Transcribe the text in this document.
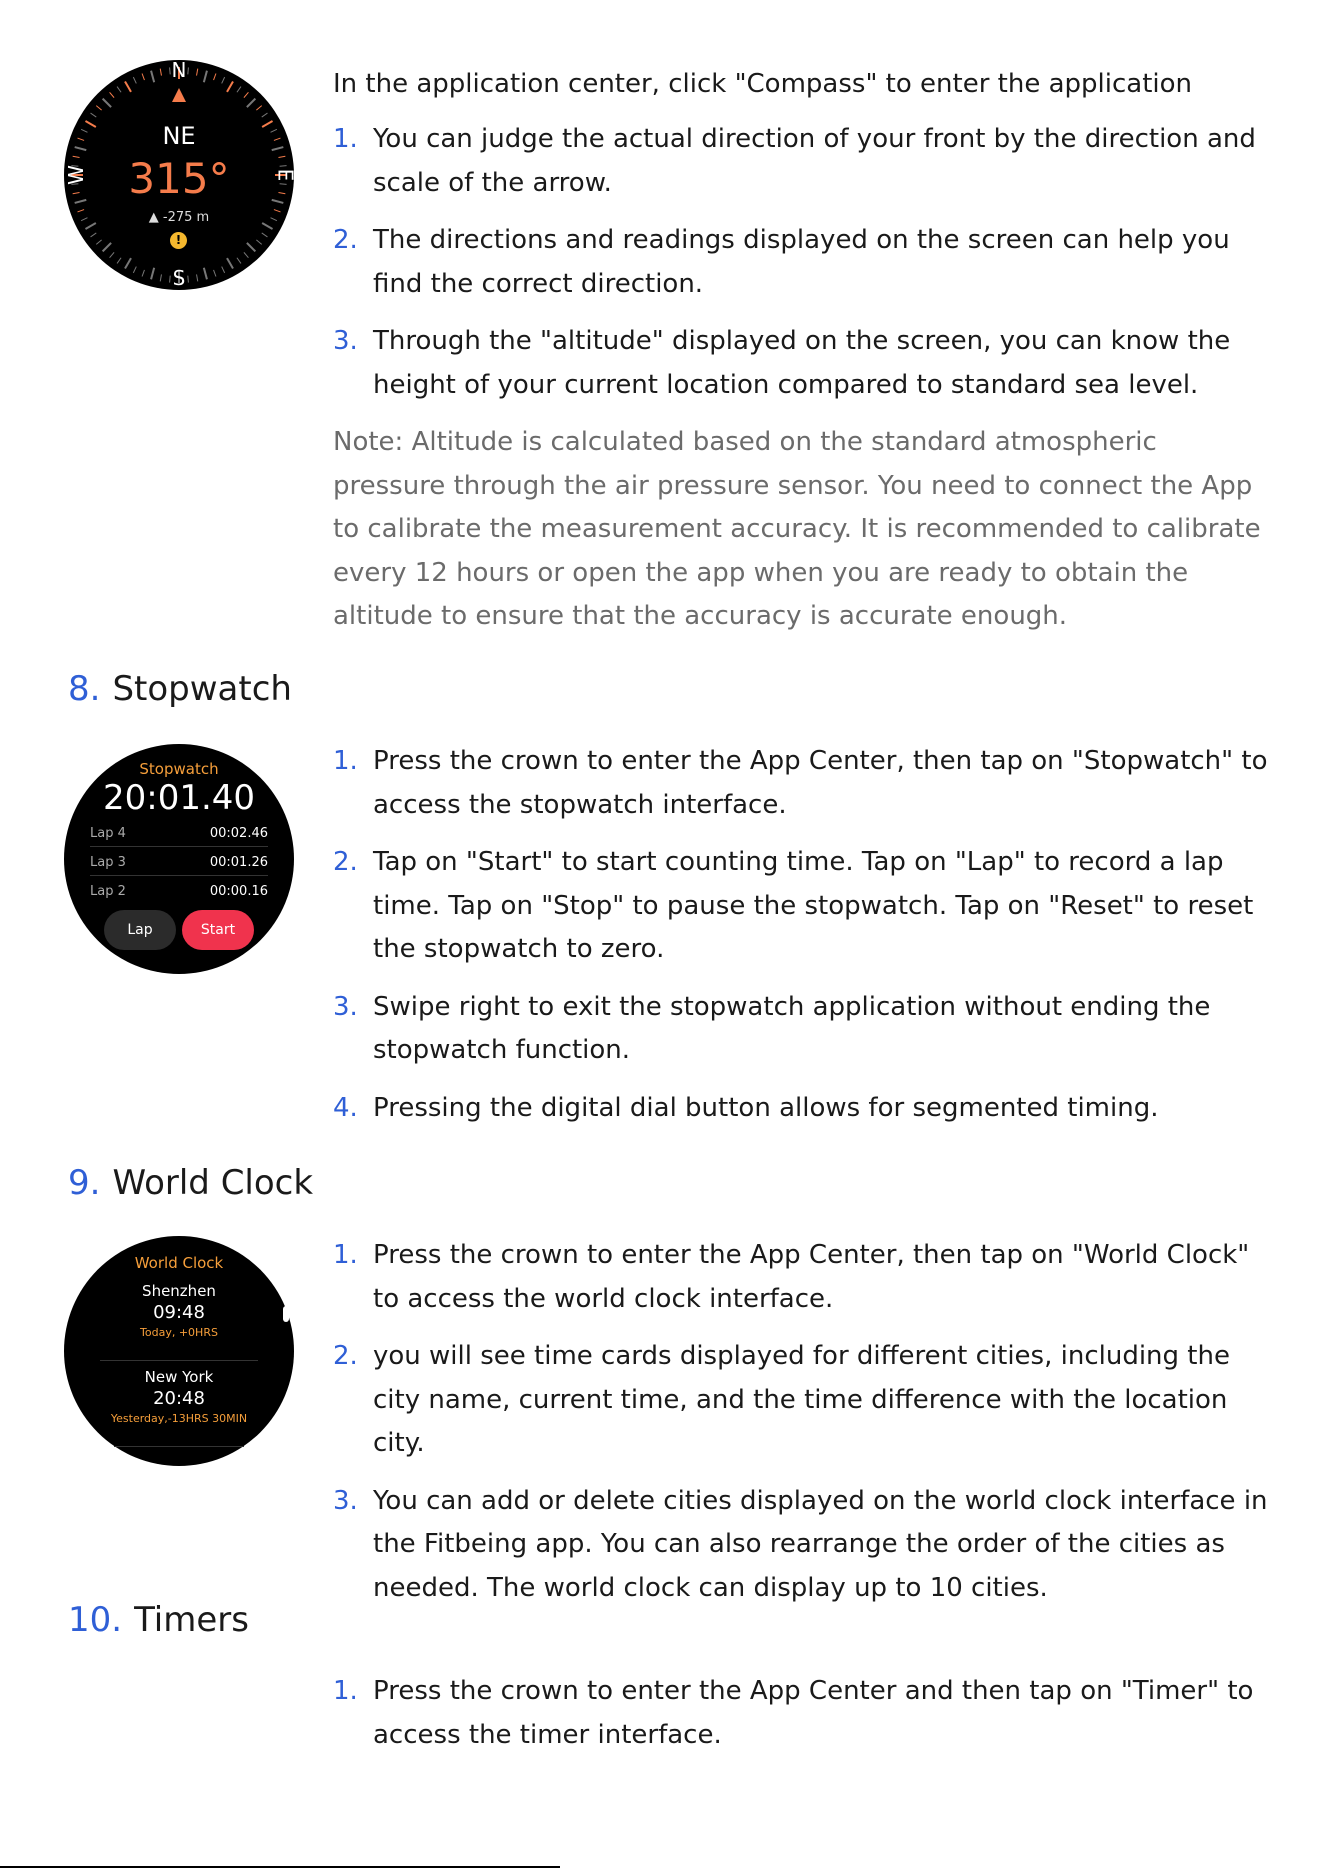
N
S
E
W
NE
315°
▲ -275 m
!
In the application center, click "Compass" to enter the application
1. You can judge the actual direction of your front by the direction and scale of the arrow.
2. The directions and readings displayed on the screen can help you find the correct direction.
3. Through the "altitude" displayed on the screen, you can know the height of your current location compared to standard sea level.
Note: Altitude is calculated based on the standard atmospheric pressure through the air pressure sensor. You need to connect the App to calibrate the measurement accuracy. It is recommended to calibrate every 12 hours or open the app when you are ready to obtain the altitude to ensure that the accuracy is accurate enough.
8. Stopwatch
Stopwatch
20:01.40
Lap 4	00:02.46
Lap 3	00:01.26
Lap 2	00:00.16
Lap	Start
1. Press the crown to enter the App Center, then tap on "Stopwatch" to access the stopwatch interface.
2. Tap on "Start" to start counting time. Tap on "Lap" to record a lap time. Tap on "Stop" to pause the stopwatch. Tap on "Reset" to reset the stopwatch to zero.
3. Swipe right to exit the stopwatch application without ending the stopwatch function.
4. Pressing the digital dial button allows for segmented timing.
9. World Clock
World Clock
Shenzhen
09:48
Today, +0HRS
New York
20:48
Yesterday,-13HRS 30MIN
1. Press the crown to enter the App Center, then tap on "World Clock" to access the world clock interface.
2. you will see time cards displayed for different cities, including the city name, current time, and the time difference with the location city.
3. You can add or delete cities displayed on the world clock interface in the Fitbeing app. You can also rearrange the order of the cities as needed. The world clock can display up to 10 cities.
10. Timers
1. Press the crown to enter the App Center and then tap on "Timer" to access the timer interface.
